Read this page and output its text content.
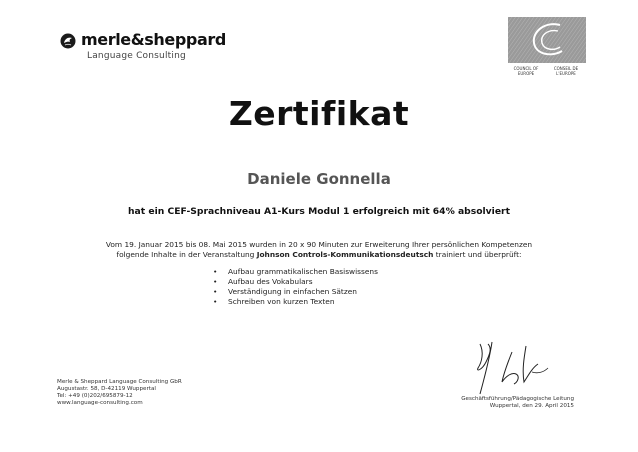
merle&sheppard
Language Consulting
COUNCIL OF EUROPE
CONSEIL DE L'EUROPE
Zertifikat
Daniele Gonnella
hat ein CEF-Sprachniveau A1-Kurs Modul 1 erfolgreich mit 64% absolviert
Vom 19. Januar 2015 bis 08. Mai 2015 wurden in 20 x 90 Minuten zur Erweiterung Ihrer persönlichen Kompetenzen
folgende Inhalte in der Veranstaltung Johnson Controls-Kommunikationsdeutsch trainiert und überprüft:
• Aufbau grammatikalischen Basiswissens
• Aufbau des Vokabulars
• Verständigung in einfachen Sätzen
• Schreiben von kurzen Texten
Merle & Sheppard Language Consulting GbR
Augustastr. 58, D-42119 Wuppertal
Tel: +49 (0)202/695879-12
www.language-consulting.com
Geschäftsführung/Pädagogische Leitung
Wuppertal, den 29. April 2015
